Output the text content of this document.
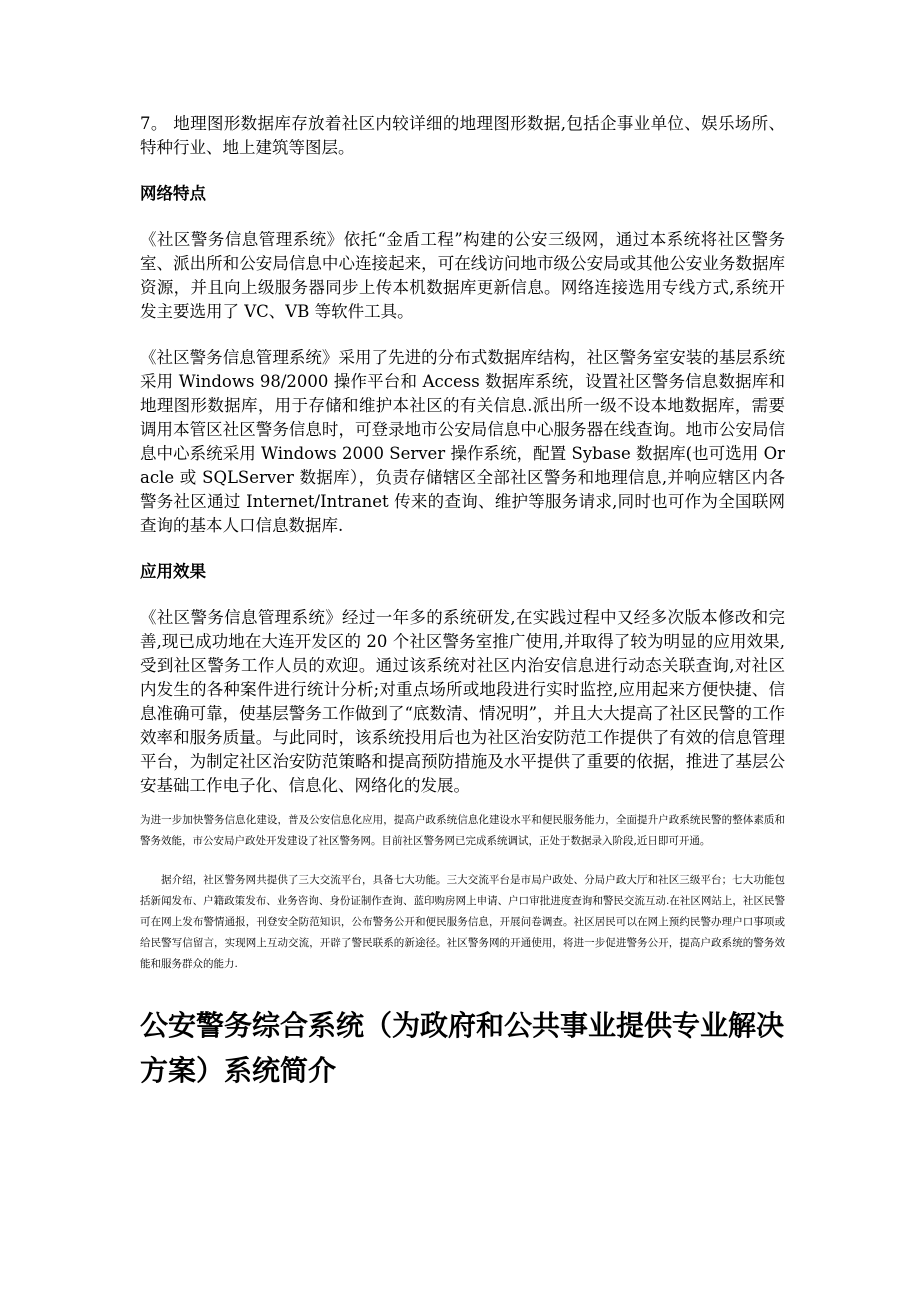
7。 地理图形数据库存放着社区内较详细的地理图形数据,包括企事业单位、娱乐场所、特种行业、地上建筑等图层。

网络特点

《社区警务信息管理系统》依托“金盾工程”构建的公安三级网，通过本系统将社区警务室、派出所和公安局信息中心连接起来，可在线访问地市级公安局或其他公安业务数据库资源，并且向上级服务器同步上传本机数据库更新信息。网络连接选用专线方式,系统开发主要选用了 VC、VB 等软件工具。

《社区警务信息管理系统》采用了先进的分布式数据库结构，社区警务室安装的基层系统采用 Windows 98/2000 操作平台和 Access 数据库系统，设置社区警务信息数据库和地理图形数据库，用于存储和维护本社区的有关信息.派出所一级不设本地数据库，需要调用本管区社区警务信息时，可登录地市公安局信息中心服务器在线查询。地市公安局信息中心系统采用 Windows 2000 Server 操作系统，配置 Sybase 数据库(也可选用 Oracle 或 SQLServer 数据库），负责存储辖区全部社区警务和地理信息,并响应辖区内各警务社区通过 Internet/Intranet 传来的查询、维护等服务请求,同时也可作为全国联网查询的基本人口信息数据库.

应用效果

《社区警务信息管理系统》经过一年多的系统研发,在实践过程中又经多次版本修改和完善,现已成功地在大连开发区的 20 个社区警务室推广使用,并取得了较为明显的应用效果,受到社区警务工作人员的欢迎。通过该系统对社区内治安信息进行动态关联查询,对社区内发生的各种案件进行统计分析;对重点场所或地段进行实时监控,应用起来方便快捷、信息准确可靠，使基层警务工作做到了“底数清、情况明”，并且大大提高了社区民警的工作效率和服务质量。与此同时，该系统投用后也为社区治安防范工作提供了有效的信息管理平台，为制定社区治安防范策略和提高预防措施及水平提供了重要的依据，推进了基层公安基础工作电子化、信息化、网络化的发展。

为进一步加快警务信息化建设，普及公安信息化应用，提高户政系统信息化建设水平和便民服务能力，全面提升户政系统民警的整体素质和警务效能，市公安局户政处开发建设了社区警务网。目前社区警务网已完成系统调试，正处于数据录入阶段,近日即可开通。

据介绍，社区警务网共提供了三大交流平台，具备七大功能。三大交流平台是市局户政处、分局户政大厅和社区三级平台；七大功能包括新闻发布、户籍政策发布、业务咨询、身份证制作查询、蓝印购房网上申请、户口审批进度查询和警民交流互动.在社区网站上，社区民警可在网上发布警情通报，刊登安全防范知识，公布警务公开和便民服务信息，开展问卷调查。社区居民可以在网上预约民警办理户口事项或给民警写信留言，实现网上互动交流，开辟了警民联系的新途径。社区警务网的开通使用，将进一步促进警务公开，提高户政系统的警务效能和服务群众的能力.

公安警务综合系统（为政府和公共事业提供专业解决方案）系统简介
